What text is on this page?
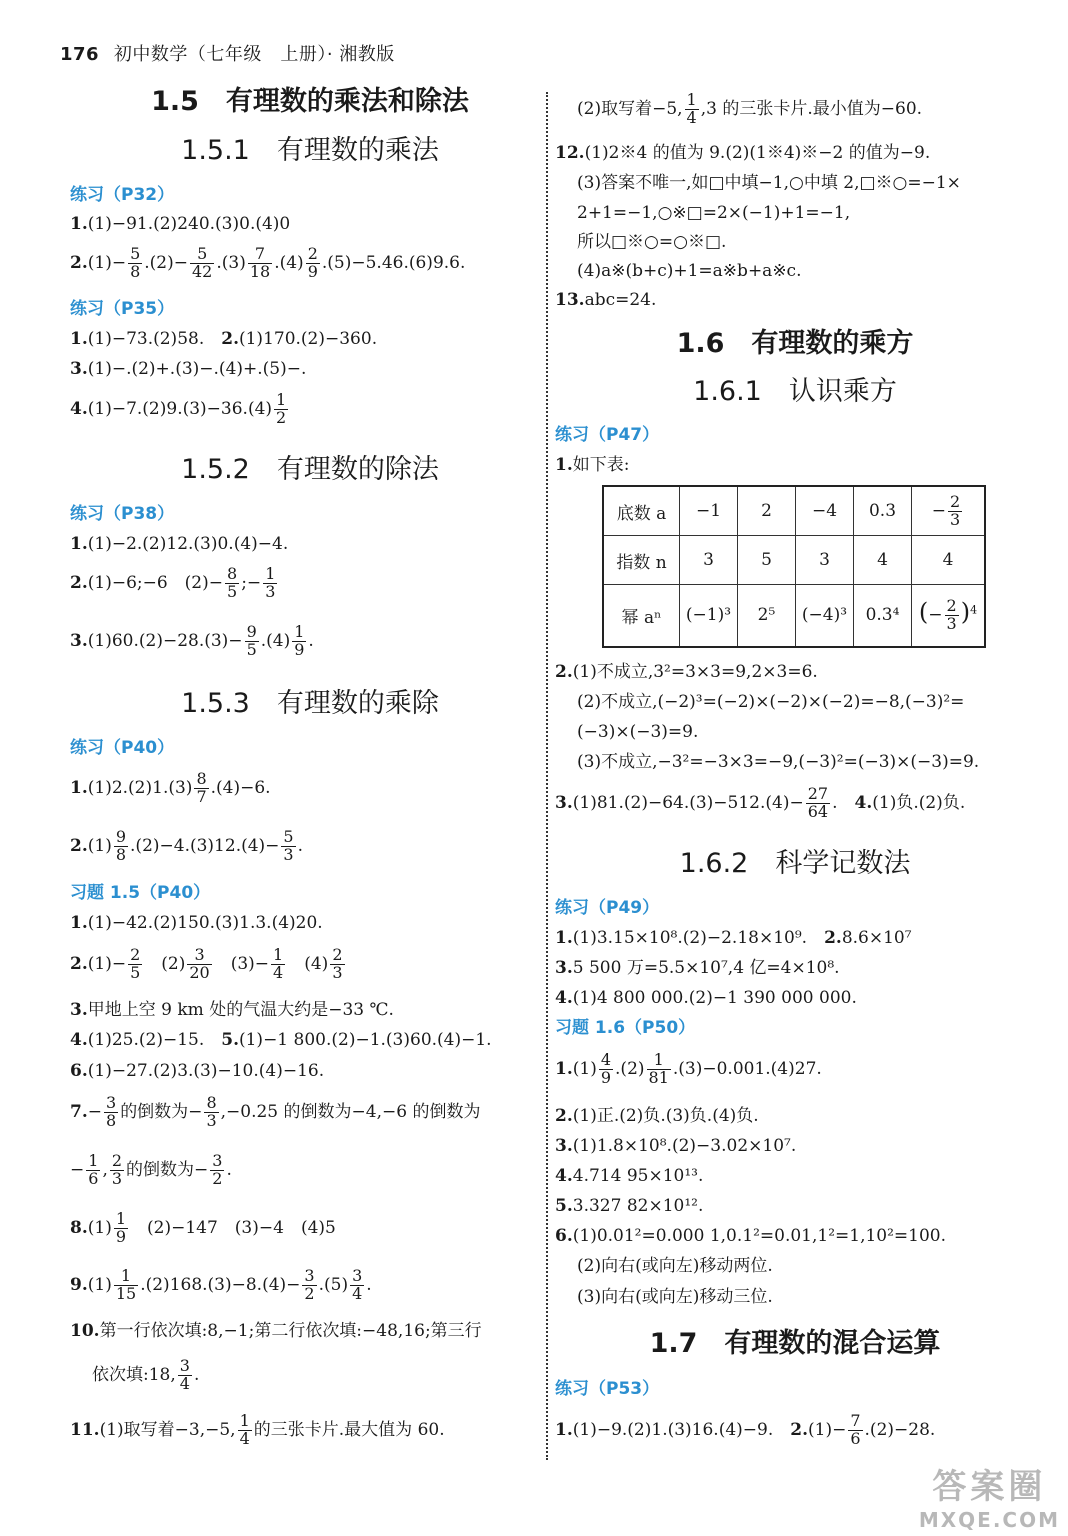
176 初中数学（七年级　上册）· 湘教版
1.5　有理数的乘法和除法
1.5.1　有理数的乘法
练习（P32）
1.(1)−91.(2)240.(3)0.(4)0
$2.(1)- \frac{5}{8} .(2)- \frac{5}{42} .(3) \frac{7}{18} .(4) \frac{2}{9} .(5)-5.46.(6)9.6$.
练习（P35）
1.(1)−73.(2)58.　2.(1)170.(2)−360.
3.(1)−.(2)+.(3)−.(4)+.(5)−.
$4.(1)-7.(2)9.(3)-36.(4) \frac{1}{2}$
1.5.2　有理数的除法
练习（P38）
1.(1)−2.(2)12.(3)0.(4)−4.
2.(1)−6;−6　$(2)- \frac{8}{5}$ ;− $\frac{1}{3}$
$3.(1)60.(2)-28.(3)- \frac{9}{5} .(4) \frac{1}{9}$ .
1.5.3　有理数的乘除
练习（P40）
$1.(1)2.(2)1.(3) \frac{8}{7} .(4)-6$.
$2.(1) \frac{9}{8} .(2)-4.(3)12.(4)- \frac{5}{3}$ .
习题 1.5（P40）
1.(1)−42.(2)150.(3)1.3.(4)20.
$2.(1)- \frac{2}{5}$ 　$(2) \frac{3}{20}$ 　$(3)- \frac{1}{4}$ 　$(4) \frac{2}{3}$
3.甲地上空 9 km 处的气温大约是−33 ℃.
4.(1)25.(2)−15.　5.(1)−1 800.(2)−1.(3)60.(4)−1.
6.(1)−27.(2)3.(3)−10.(4)−16.
$7.- \frac{3}{8}$ 的倒数为− $\frac{8}{3} ,-0.25$ 的倒数为−4,−6 的倒数为
− $\frac{1}{6}$ , $\frac{2}{3}$ 的倒数为− $\frac{3}{2}$ .
$8.(1) \frac{1}{9}$ 　(2)−147　(3)−4　(4)5
$9.(1) \frac{1}{15} .(2)168.(3)-8.(4)- \frac{3}{2} .(5) \frac{3}{4}$ .
10.第一行依次填:8,−1;第二行依次填:−48,16;第三行
依次填:18, $\frac{3}{4}$ .
11.(1)取写着−3,−5, $\frac{1}{4}$ 的三张卡片.最大值为 60.
(2)取写着−5, $\frac{1}{4} ,3$ 的三张卡片.最小值为−60.
12.(1)2※4 的值为 9.(2)(1※4)※−2 的值为−9.
(3)答案不唯一,如□中填−1,○中填 2,□※○=−1×
2+1=−1,○※□=2×(−1)+1=−1,
所以□※○=○※□.
(4)a※(b+c)+1=a※b+a※c.
13.abc=24.
1.6　有理数的乘方
1.6.1　认识乘方
练习（P47）
1.如下表:
底数 a	−1	2	−4	0.3	− $\frac{2}{3}$

指数 n	3	5	3	4	4
幂 aⁿ	(−1)³	2⁵	(−4)³	0.3⁴	(− $\frac{2}{3} )^4$
2.(1)不成立,3²=3×3=9,2×3=6.
(2)不成立,(−2)³=(−2)×(−2)×(−2)=−8,(−3)²=
(−3)×(−3)=9.
(3)不成立,−3²=−3×3=−9,(−3)²=(−3)×(−3)=9.
$3.(1)81.(2)-64.(3)-512.(4)- \frac{27}{64}$ .　4.(1)负.(2)负.
1.6.2　科学记数法
练习（P49）
1.(1)3.15×10⁸.(2)−2.18×10⁹.　2.8.6×10⁷
3.5 500 万=5.5×10⁷,4 亿=4×10⁸.
4.(1)4 800 000.(2)−1 390 000 000.
习题 1.6（P50）
$1.(1) \frac{4}{9} .(2) \frac{1}{81} .(3)-0.001.(4)27$.
2.(1)正.(2)负.(3)负.(4)负.
3.(1)1.8×10⁸.(2)−3.02×10⁷.
4.4.714 95×10¹³.
5.3.327 82×10¹².
6.(1)0.01²=0.000 1,0.1²=0.01,1²=1,10²=100.
(2)向右(或向左)移动两位.
(3)向右(或向左)移动三位.
1.7　有理数的混合运算
练习（P53）
1.(1)−9.(2)1.(3)16.(4)−9.　$2.(1)- \frac{7}{6} .(2)-28$.
答案圈
MXQE.COM
